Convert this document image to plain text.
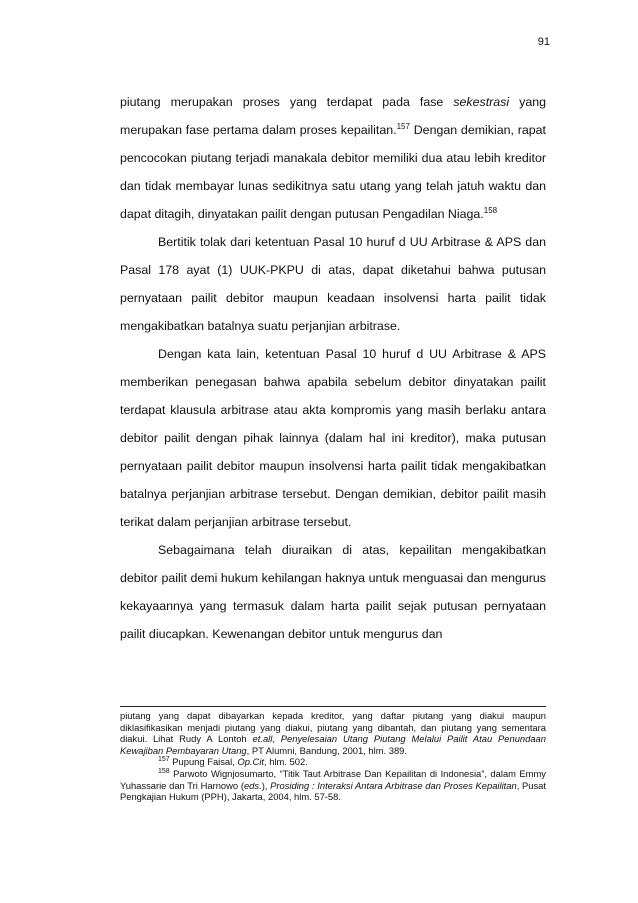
91

piutang merupakan proses yang terdapat pada fase sekestrasi yang merupakan fase pertama dalam proses kepailitan.$^{157}$ Dengan demikian, rapat pencocokan piutang terjadi manakala debitor memiliki dua atau lebih kreditor dan tidak membayar lunas sedikitnya satu utang yang telah jatuh waktu dan dapat ditagih, dinyatakan pailit dengan putusan Pengadilan Niaga.$^{158}$

Bertitik tolak dari ketentuan Pasal 10 huruf d UU Arbitrase & APS dan Pasal 178 ayat (1) UUK-PKPU di atas, dapat diketahui bahwa putusan pernyataan pailit debitor maupun keadaan insolvensi harta pailit tidak mengakibatkan batalnya suatu perjanjian arbitrase.

Dengan kata lain, ketentuan Pasal 10 huruf d UU Arbitrase & APS memberikan penegasan bahwa apabila sebelum debitor dinyatakan pailit terdapat klausula arbitrase atau akta kompromis yang masih berlaku antara debitor pailit dengan pihak lainnya (dalam hal ini kreditor), maka putusan pernyataan pailit debitor maupun insolvensi harta pailit tidak mengakibatkan batalnya perjanjian arbitrase tersebut. Dengan demikian, debitor pailit masih terikat dalam perjanjian arbitrase tersebut.

Sebagaimana telah diuraikan di atas, kepailitan mengakibatkan debitor pailit demi hukum kehilangan haknya untuk menguasai dan mengurus kekayaannya yang termasuk dalam harta pailit sejak putusan pernyataan pailit diucapkan. Kewenangan debitor untuk mengurus dan

piutang yang dapat dibayarkan kepada kreditor, yang daftar piutang yang diakui maupun diklasifikasikan menjadi piutang yang diakui, piutang yang dibantah, dan piutang yang sementara diakui. Lihat Rudy A Lontoh et.all, Penyelesaian Utang Piutang Melalui Pailit Atau Penundaan Kewajiban Pembayaran Utang, PT Alumni, Bandung, 2001, hlm. 389.

$^{157}$ Pupung Faisal, Op.Cit, hlm. 502.

$^{158}$ Parwoto Wignjosumarto, “Titik Taut Arbitrase Dan Kepailitan di Indonesia”, dalam Emmy Yuhassarie dan Tri Harnowo (eds.), Prosiding : Interaksi Antara Arbitrase dan Proses Kepailitan, Pusat Pengkajian Hukum (PPH), Jakarta, 2004, hlm. 57-58.
